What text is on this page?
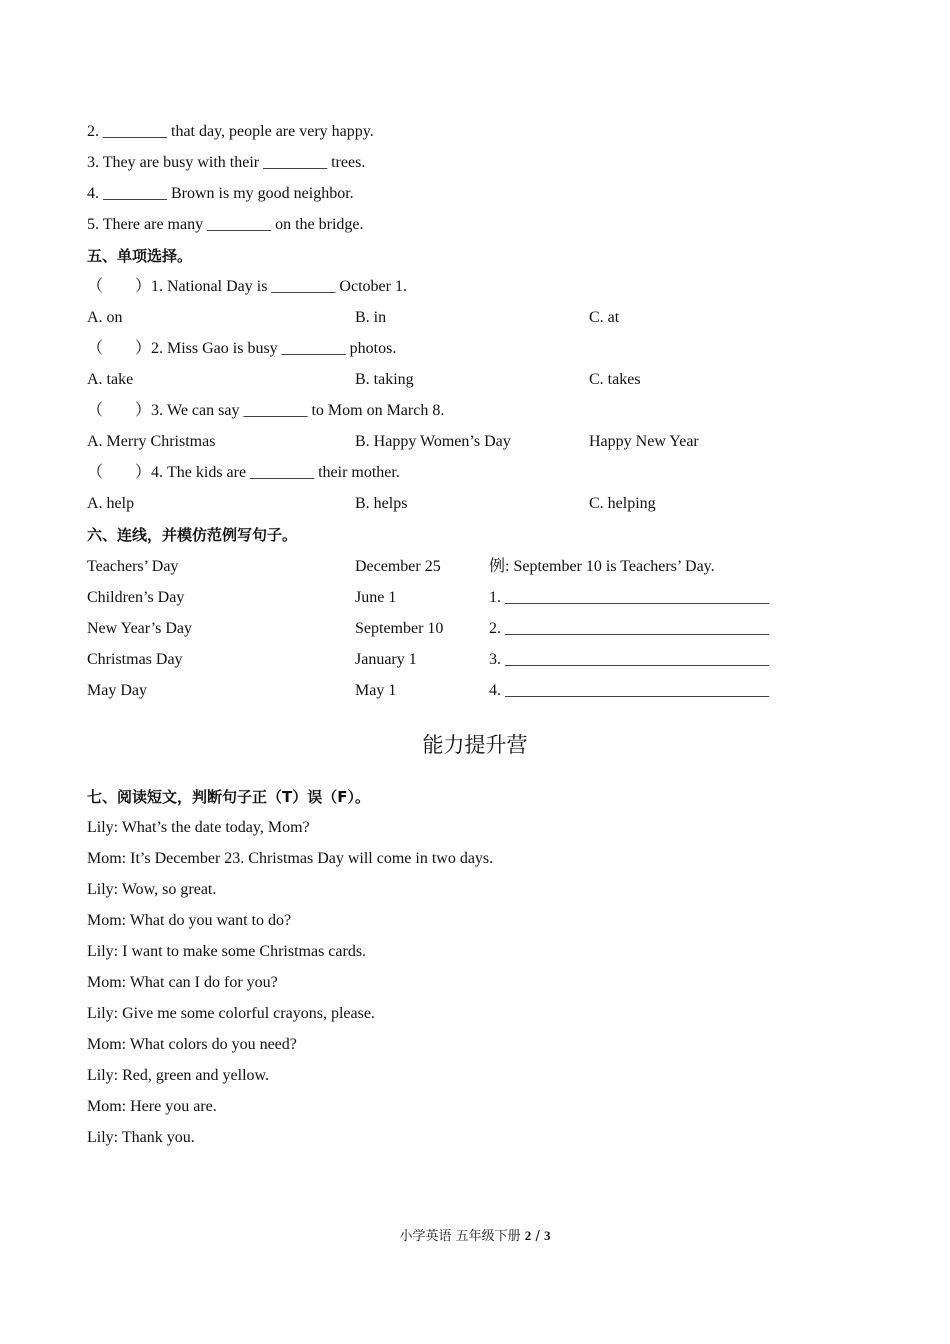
2. ________ that day, people are very happy.
3. They are busy with their ________ trees.
4. ________ Brown is my good neighbor.
5. There are many ________ on the bridge.
五、单项选择。
（　　）1. National Day is ________ October 1.
A. on	B. in	C. at
（　　）2. Miss Gao is busy ________ photos.
A. take	B. taking	C. takes
（　　）3. We can say ________ to Mom on March 8.
A. Merry Christmas	B. Happy Women’s Day	Happy New Year
（　　）4. The kids are ________ their mother.
A. help	B. helps	C. helping
六、连线，并模仿范例写句子。
Teachers’ Day	December 25	例: September 10 is Teachers’ Day.
Children’s Day	June 1	1. _________________________________
New Year’s Day	September 10	2. _________________________________
Christmas Day	January 1	3. _________________________________
May Day	May 1	4. _________________________________
能力提升营
七、阅读短文，判断句子正（T）误（F）。
Lily: What’s the date today, Mom?
Mom: It’s December 23. Christmas Day will come in two days.
Lily: Wow, so great.
Mom: What do you want to do?
Lily: I want to make some Christmas cards.
Mom: What can I do for you?
Lily: Give me some colorful crayons, please.
Mom: What colors do you need?
Lily: Red, green and yellow.
Mom: Here you are.
Lily: Thank you.
小学英语 五年级下册 2 / 3
